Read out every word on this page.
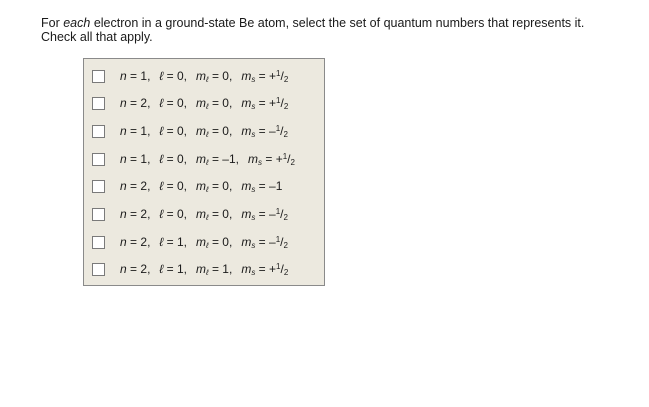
For each electron in a ground-state Be atom, select the set of quantum numbers that represents it.
Check all that apply.
n = 1, ℓ = 0, $m_\ell = 0$, $m_s = +^1/_2$
n = 2, ℓ = 0, $m_\ell = 0$, $m_s = +^1/_2$
n = 1, ℓ = 0, $m_\ell = 0$, $m_s = -^1/_2$
n = 1, ℓ = 0, $m_\ell = -1$, $m_s = +^1/_2$
n = 2, ℓ = 0, $m_\ell = 0$, $m_s = -1$
n = 2, ℓ = 0, $m_\ell = 0$, $m_s = -^1/_2$
n = 2, ℓ = 1, $m_\ell = 0$, $m_s = -^1/_2$
n = 2, ℓ = 1, $m_\ell = 1$, $m_s = +^1/_2$
